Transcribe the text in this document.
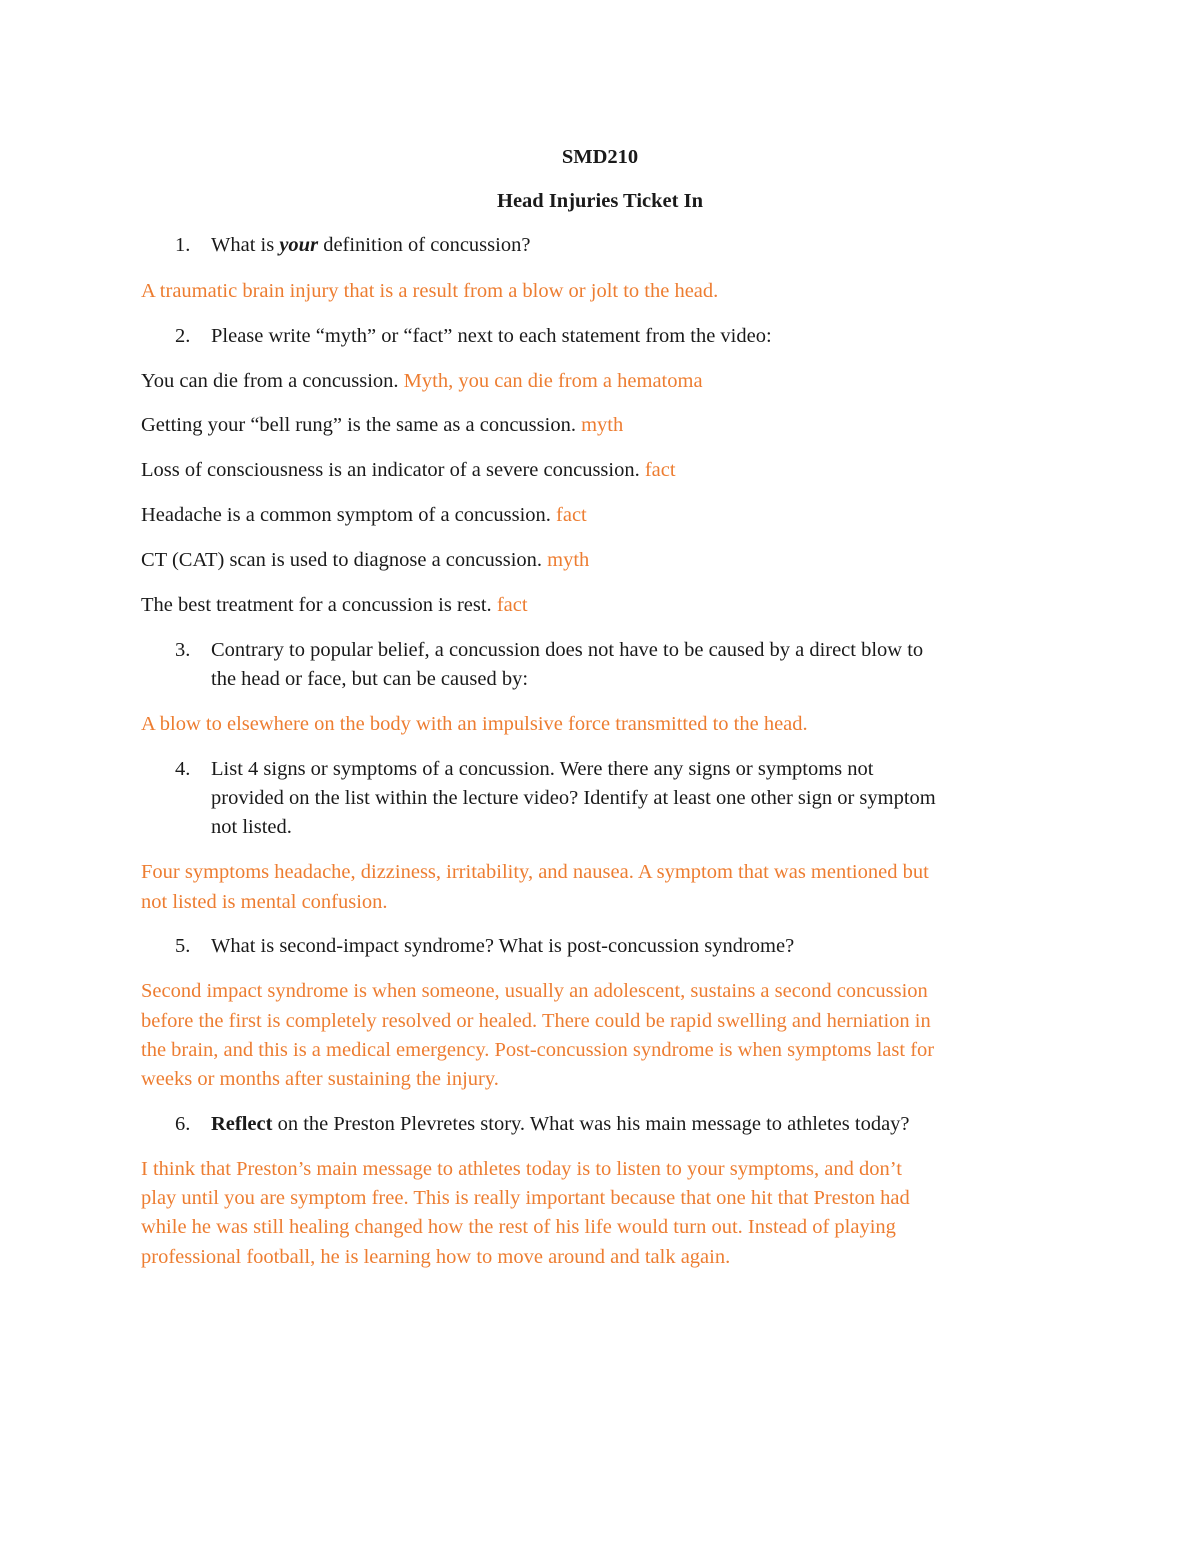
SMD210
Head Injuries Ticket In
1. What is your definition of concussion?
A traumatic brain injury that is a result from a blow or jolt to the head.
2. Please write “myth” or “fact” next to each statement from the video:
You can die from a concussion. Myth, you can die from a hematoma
Getting your “bell rung” is the same as a concussion. myth
Loss of consciousness is an indicator of a severe concussion. fact
Headache is a common symptom of a concussion. fact
CT (CAT) scan is used to diagnose a concussion. myth
The best treatment for a concussion is rest. fact
3. Contrary to popular belief, a concussion does not have to be caused by a direct blow to
the head or face, but can be caused by:
A blow to elsewhere on the body with an impulsive force transmitted to the head.
4. List 4 signs or symptoms of a concussion. Were there any signs or symptoms not
provided on the list within the lecture video? Identify at least one other sign or symptom
not listed.
Four symptoms headache, dizziness, irritability, and nausea. A symptom that was mentioned but
not listed is mental confusion.
5. What is second-impact syndrome? What is post-concussion syndrome?
Second impact syndrome is when someone, usually an adolescent, sustains a second concussion
before the first is completely resolved or healed. There could be rapid swelling and herniation in
the brain, and this is a medical emergency. Post-concussion syndrome is when symptoms last for
weeks or months after sustaining the injury.
6. Reflect on the Preston Plevretes story. What was his main message to athletes today?
I think that Preston’s main message to athletes today is to listen to your symptoms, and don’t
play until you are symptom free. This is really important because that one hit that Preston had
while he was still healing changed how the rest of his life would turn out. Instead of playing
professional football, he is learning how to move around and talk again.
